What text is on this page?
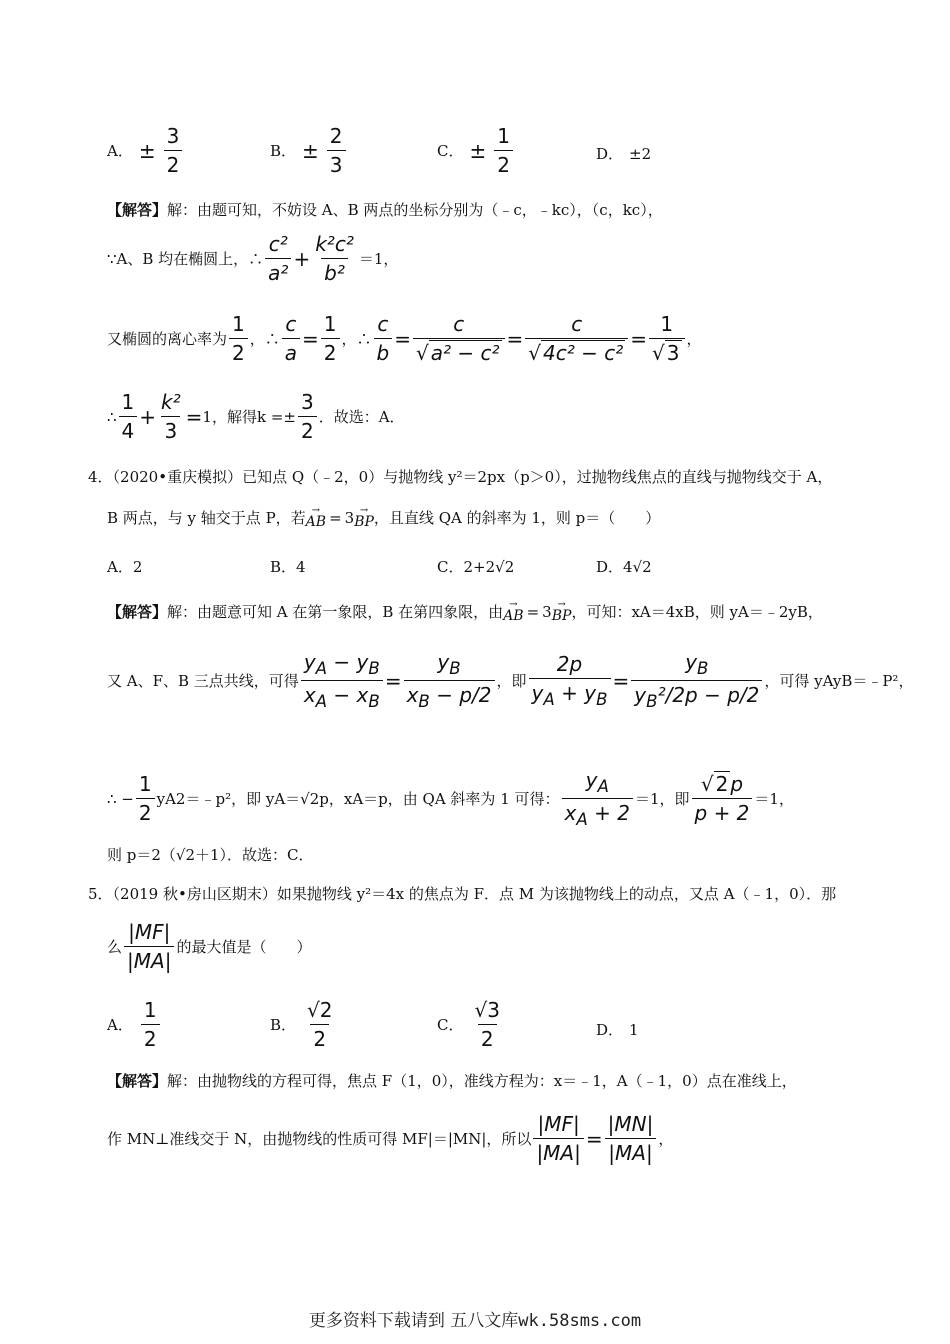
A． ± $\frac{3}{2}$	B． ± $\frac{2}{3}$	C． ± $\frac{1}{2}$	D． ±2
【解答】解：由题可知，不妨设 A、B 两点的坐标分别为（﹣c，﹣kc），（c，kc），
∵A、B 均在椭圆上，∴ $\frac{\text{c²}}{\text{a²}} + \frac{\text{k²c²}}{\text{b²}} =1$，
又椭圆的离心率为 $\frac{1}{2}$ ，∴ $\frac{c}{a} = \frac{1}{2}$ ，∴ $\frac{c}{b} = \frac{c}{\text{√ a² − c²}} = \frac{c}{\text{√ 4c² − c²}} = \frac{1}{√ 3}$ ，
∴ $\frac{1}{4} + \frac{\text{k²}}{3} = 1$ ，解得$k =\pm \frac{3}{2}$ ．故选：A．
4．（2020•重庆模拟）已知点 Q（﹣2，0）与抛物线 y²＝2px（p＞0），过抛物线焦点的直线与抛物线交于 A，
B 两点，与 y 轴交于点 P，若 →
AB = 3 →
BP ，且直线 QA 的斜率为 1，则 p＝（　　）
A．2	B．4	C．2+2√2	D．4√2
【解答】 解：由题意可知 A 在第一象限，B 在第四象限，由 →
AB = 3 →
BP ，可知：xA＝4xB，则 yA＝﹣2yB，
又 A、F、B 三点共线，可得 $\frac{y_A - y_B}{x_A - x_B} = \frac{y_B}{x_B - p/2}$ ，即 $\frac{2p}{y_A + y_B} = \frac{y_B}{y_B^2/2p - p/2}$ ，可得 yAyB＝﹣P²，
∴ − $\frac{1}{2}$ yA2＝﹣p²，即 yA＝√2p，xA＝p，由 QA 斜率为 1 可得： $\frac{y_A}{x_A + 2} =1$，即 $\frac{√ 2 p}{p + 2} =1$，
则 p＝2（√2＋1）．故选：C．
5．（2019 秋•房山区期末）如果抛物线 y²＝4x 的焦点为 F．点 M 为该抛物线上的动点，又点 A（﹣1，0）．那
么 $\frac{|MF|}{|MA|}$ 的最大值是（　　）
A． $\frac{1}{2}$	B． $\frac{√2}{2}$	C． $\frac{√3}{2}$	D． 1
【解答】解：由抛物线的方程可得，焦点 F（1，0），准线方程为：x＝﹣1，A（﹣1，0）点在准线上，
作 MN⊥准线交于 N，由抛物线的性质可得 MF|＝|MN|，所以 $\frac{|MF|}{|MA|} = \frac{|MN|}{|MA|}$ ，
更多资料下载请到 五八文库wk.58sms.com
